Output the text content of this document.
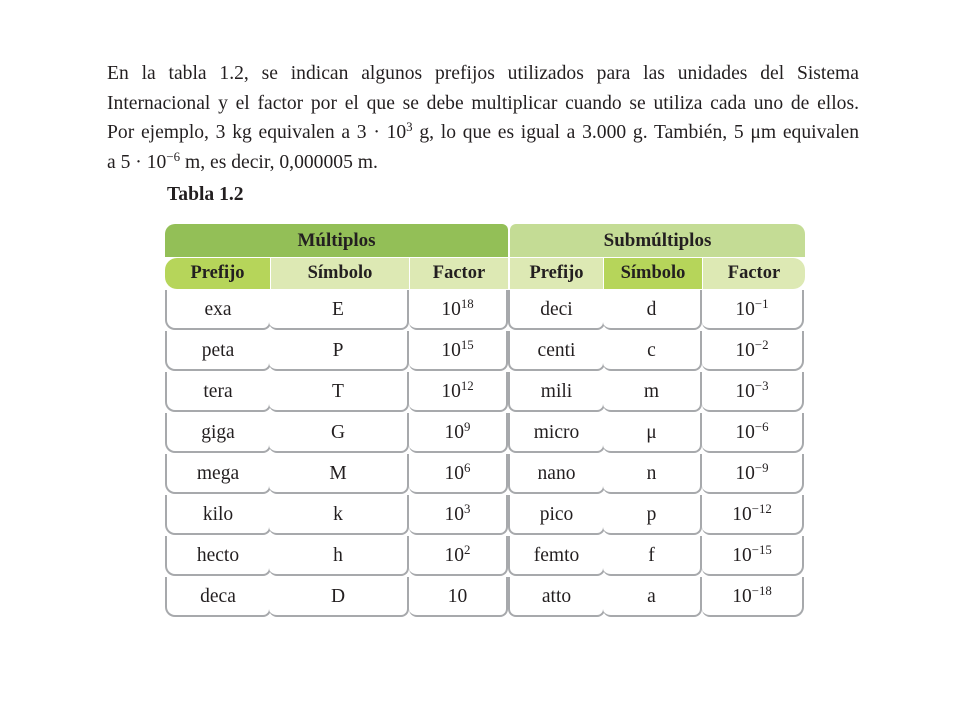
En la tabla 1.2, se indican algunos prefijos utilizados para las unidades del Sistema
Internacional y el factor por el que se debe multiplicar cuando se utiliza cada uno de ellos.
Por ejemplo, 3 kg equivalen a $3 \cdot 10^3$ g, lo que es igual a 3.000 g. También, 5 μm equivalen
a $5 \cdot 10^{-6}$ m, es decir, 0,000005 m.

Tabla 1.2
Múltiplos	Submúltiplos
Prefijo	Símbolo	Factor	Prefijo	Símbolo	Factor
exa	E	$10^{18}$	deci	d	$10^{-1}$
peta	P	$10^{15}$	centi	c	$10^{-2}$
tera	T	$10^{12}$	mili	m	$10^{-3}$
giga	G	$10^9$	micro	μ	$10^{-6}$
mega	M	$10^6$	nano	n	$10^{-9}$
kilo	k	$10^3$	pico	p	$10^{-12}$
hecto	h	$10^2$	femto	f	$10^{-15}$
deca	D	10	atto	a	$10^{-18}$
